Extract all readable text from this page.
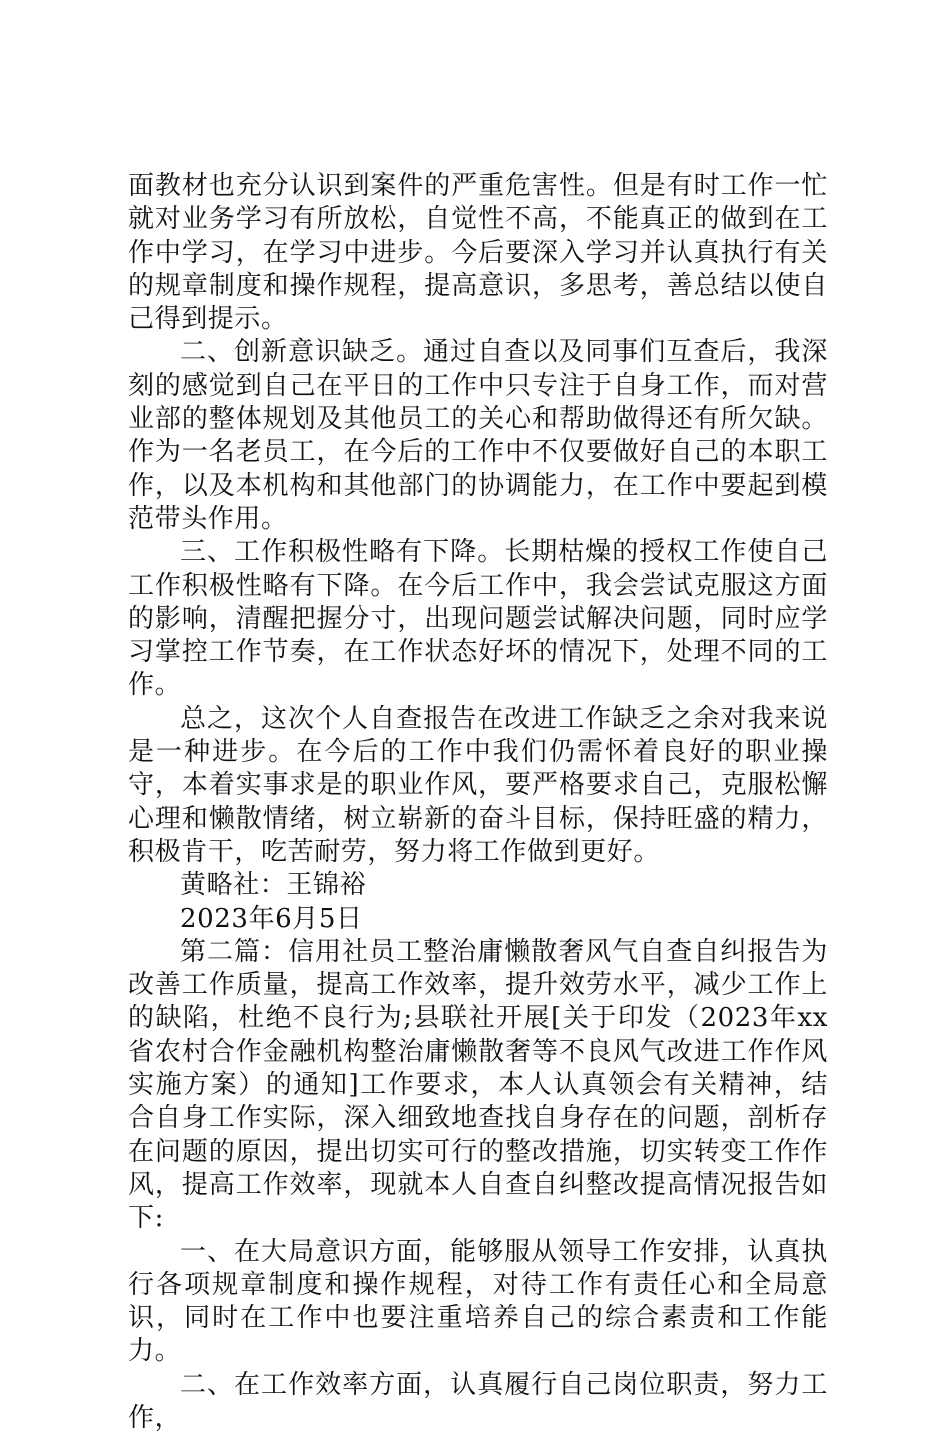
面教材也充分认识到案件的严重危害性。但是有时工作一忙就对业务学习有所放松，自觉性不高，不能真正的做到在工作中学习，在学习中进步。今后要深入学习并认真执行有关的规章制度和操作规程，提高意识，多思考，善总结以使自己得到提示。

二、创新意识缺乏。通过自查以及同事们互查后，我深刻的感觉到自己在平日的工作中只专注于自身工作，而对营业部的整体规划及其他员工的关心和帮助做得还有所欠缺。作为一名老员工，在今后的工作中不仅要做好自己的本职工作，以及本机构和其他部门的协调能力，在工作中要起到模范带头作用。

三、工作积极性略有下降。长期枯燥的授权工作使自己工作积极性略有下降。在今后工作中，我会尝试克服这方面的影响，清醒把握分寸，出现问题尝试解决问题，同时应学习掌控工作节奏，在工作状态好坏的情况下，处理不同的工作。

总之，这次个人自查报告在改进工作缺乏之余对我来说是一种进步。在今后的工作中我们仍需怀着良好的职业操守，本着实事求是的职业作风，要严格要求自己，克服松懈心理和懒散情绪，树立崭新的奋斗目标，保持旺盛的精力，积极肯干，吃苦耐劳，努力将工作做到更好。

黄略社：王锦裕

2023年6月5日

第二篇：信用社员工整治庸懒散奢风气自查自纠报告为改善工作质量，提高工作效率，提升效劳水平，减少工作上的缺陷，杜绝不良行为;县联社开展[关于印发（2023年xx省农村合作金融机构整治庸懒散奢等不良风气改进工作作风实施方案）的通知]工作要求，本人认真领会有关精神，结合自身工作实际，深入细致地查找自身存在的问题，剖析存在问题的原因，提出切实可行的整改措施，切实转变工作作风，提高工作效率，现就本人自查自纠整改提高情况报告如下:

一、在大局意识方面，能够服从领导工作安排，认真执行各项规章制度和操作规程，对待工作有责任心和全局意识，同时在工作中也要注重培养自己的综合素责和工作能力。

二、在工作效率方面，认真履行自己岗位职责，努力工作，
